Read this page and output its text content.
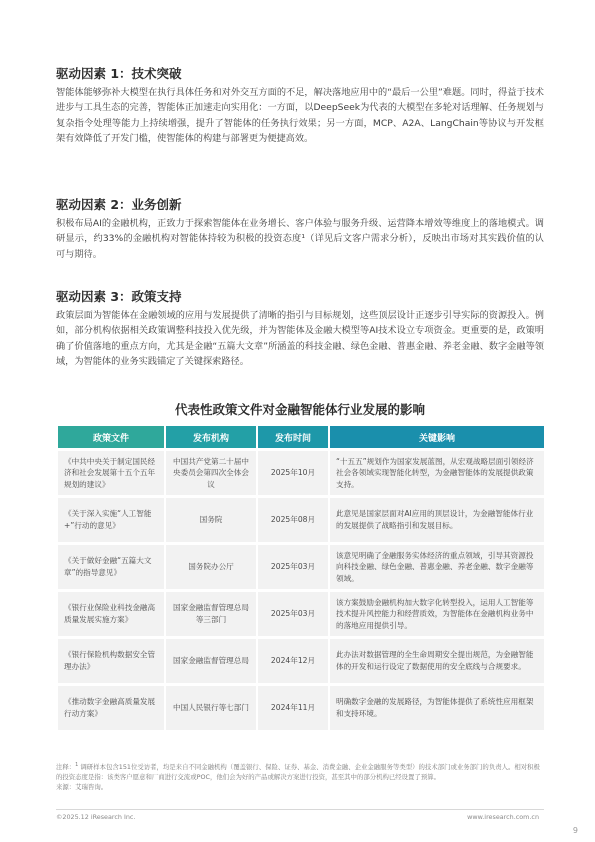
驱动因素 1：技术突破

智能体能够弥补大模型在执行具体任务和对外交互方面的不足，解决落地应用中的“最后一公里”难题。同时，得益于技术进步与工具生态的完善，智能体正加速走向实用化：一方面，以DeepSeek为代表的大模型在多轮对话理解、任务规划与复杂指令处理等能力上持续增强，提升了智能体的任务执行效果；另一方面，MCP、A2A、LangChain等协议与开发框架有效降低了开发门槛，使智能体的构建与部署更为便捷高效。

驱动因素 2：业务创新

积极布局AI的金融机构，正致力于探索智能体在业务增长、客户体验与服务升级、运营降本增效等维度上的落地模式。调研显示，约33%的金融机构对智能体持较为积极的投资态度¹（详见后文客户需求分析），反映出市场对其实践价值的认可与期待。

驱动因素 3：政策支持

政策层面为智能体在金融领域的应用与发展提供了清晰的指引与目标规划，这些顶层设计正逐步引导实际的资源投入。例如，部分机构依据相关政策调整科技投入优先级，并为智能体及金融大模型等AI技术设立专项资金。更重要的是，政策明确了价值落地的重点方向，尤其是金融“五篇大文章”所涵盖的科技金融、绿色金融、普惠金融、养老金融、数字金融等领域，为智能体的业务实践锚定了关键探索路径。

代表性政策文件对金融智能体行业发展的影响
政策文件	发布机构	发布时间	关键影响
《中共中央关于制定国民经济和社会发展第十五个五年规划的建议》	中国共产党第二十届中央委员会第四次全体会议	2025年10月	“十五五”规划作为国家发展蓝图，从宏观战略层面引领经济社会各领域实现智能化转型，为金融智能体的发展提供政策支持。
《关于深入实施“人工智能+”行动的意见》	国务院	2025年08月	此意见是国家层面对AI应用的顶层设计，为金融智能体行业的发展提供了战略指引和发展目标。
《关于做好金融“五篇大文章”的指导意见》	国务院办公厅	2025年03月	该意见明确了金融服务实体经济的重点领域，引导其资源投向科技金融、绿色金融、普惠金融、养老金融、数字金融等领域。
《银行业保险业科技金融高质量发展实施方案》	国家金融监督管理总局等三部门	2025年03月	该方案鼓励金融机构加大数字化转型投入，运用人工智能等技术提升风控能力和经营质效，为智能体在金融机构业务中的落地应用提供引导。
《银行保险机构数据安全管理办法》	国家金融监督管理总局	2024年12月	此办法对数据管理的全生命周期安全提出规范，为金融智能体的开发和运行设定了数据使用的安全底线与合规要求。
《推动数字金融高质量发展行动方案》	中国人民银行等七部门	2024年11月	明确数字金融的发展路径，为智能体提供了系统性应用框架和支持环境。

注释：$^1$ 调研样本包含151位受访者，均是来自不同金融机构（覆盖银行、保险、证券、基金、消费金融、企业金融服务等类型）的技术部门或业务部门的负责人。相对积极的投资态度是指：该类客户愿意和厂商进行交流或POC，他们会为好的产品或解决方案进行投资，甚至其中的部分机构已经设置了预算。

来源：艾瑞咨询。

©2025.12 iResearch Inc.	www.iresearch.com.cn
9
